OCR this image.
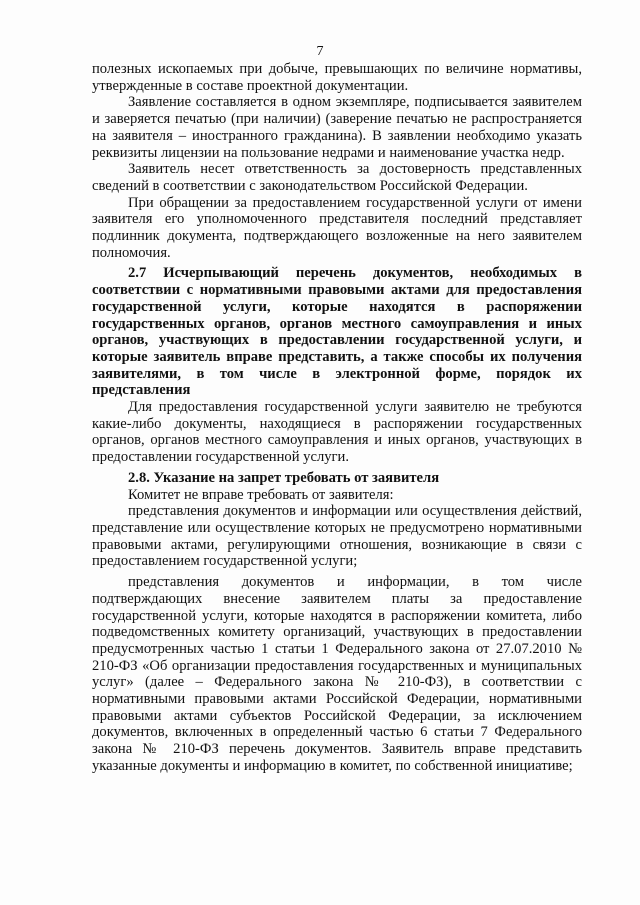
7

полезных ископаемых при добыче, превышающих по величине нормативы, утвержденные в составе проектной документации.

Заявление составляется в одном экземпляре, подписывается заявителем и заверяется печатью (при наличии) (заверение печатью не распространяется на заявителя – иностранного гражданина). В заявлении необходимо указать реквизиты лицензии на пользование недрами и наименование участка недр.

Заявитель несет ответственность за достоверность представленных сведений в соответствии с законодательством Российской Федерации.

При обращении за предоставлением государственной услуги от имени заявителя его уполномоченного представителя последний представляет подлинник документа, подтверждающего возложенные на него заявителем полномочия.

2.7 Исчерпывающий перечень документов, необходимых в соответствии с нормативными правовыми актами для предоставления государственной услуги, которые находятся в распоряжении государственных органов, органов местного самоуправления и иных органов, участвующих в предоставлении государственной услуги, и которые заявитель вправе представить, а также способы их получения заявителями, в том числе в электронной форме, порядок их представления

Для предоставления государственной услуги заявителю не требуются какие-либо документы, находящиеся в распоряжении государственных органов, органов местного самоуправления и иных органов, участвующих в предоставлении государственной услуги.

2.8. Указание на запрет требовать от заявителя

Комитет не вправе требовать от заявителя:

представления документов и информации или осуществления действий, представление или осуществление которых не предусмотрено нормативными правовыми актами, регулирующими отношения, возникающие в связи с предоставлением государственной услуги;

представления документов и информации, в том числе подтверждающих внесение заявителем платы за предоставление государственной услуги, которые находятся в распоряжении комитета, либо подведомственных комитету организаций, участвующих в предоставлении предусмотренных частью 1 статьи 1 Федерального закона от 27.07.2010 № 210-ФЗ «Об организации предоставления государственных и муниципальных услуг» (далее – Федерального закона № 210-ФЗ), в соответствии с нормативными правовыми актами Российской Федерации, нормативными правовыми актами субъектов Российской Федерации, за исключением документов, включенных в определенный частью 6 статьи 7 Федерального закона № 210-ФЗ перечень документов. Заявитель вправе представить указанные документы и информацию в комитет, по собственной инициативе;
